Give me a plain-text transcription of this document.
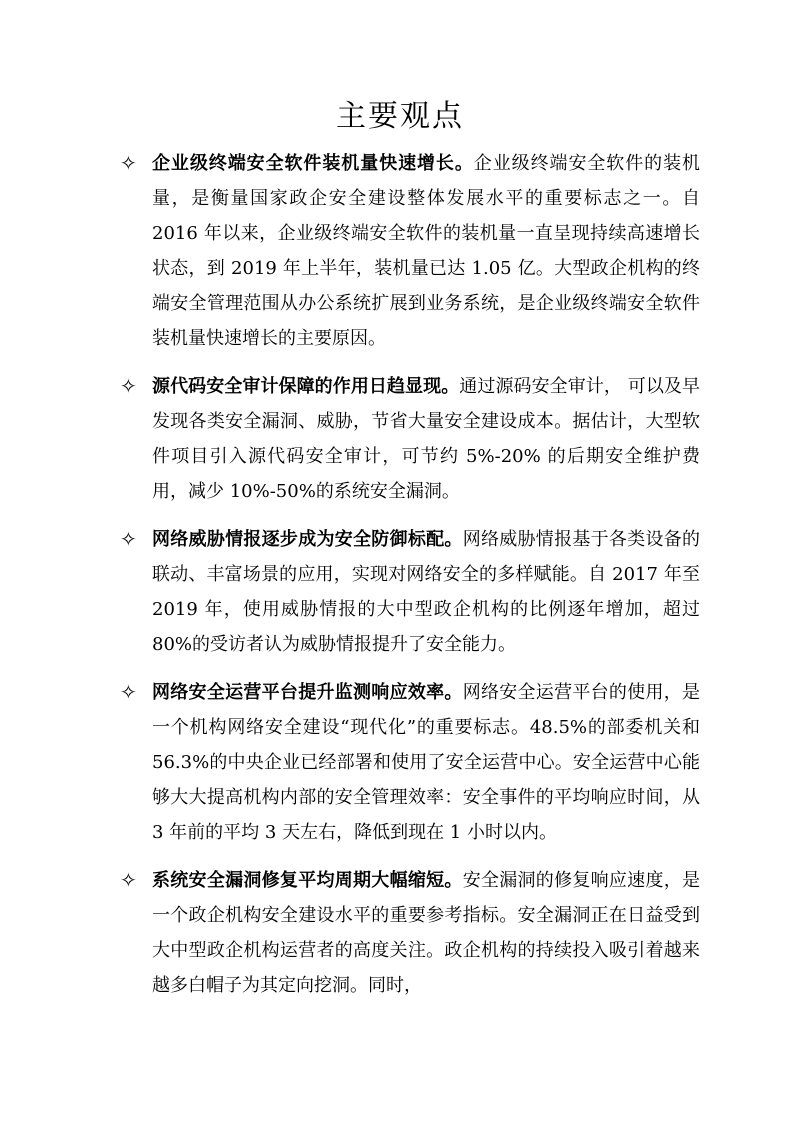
主要观点
✧ 企业级终端安全软件装机量快速增长。企业级终端安全软件的装机量，是衡量国家政企安全建设整体发展水平的重要标志之一。自 2016 年以来，企业级终端安全软件的装机量一直呈现持续高速增长状态，到 2019 年上半年，装机量已达 1.05 亿。大型政企机构的终端安全管理范围从办公系统扩展到业务系统，是企业级终端安全软件装机量快速增长的主要原因。
✧ 源代码安全审计保障的作用日趋显现。通过源码安全审计， 可以及早发现各类安全漏洞、威胁，节省大量安全建设成本。据估计，大型软件项目引入源代码安全审计，可节约 5%-20% 的后期安全维护费用，减少 10%-50%的系统安全漏洞。
✧ 网络威胁情报逐步成为安全防御标配。网络威胁情报基于各类设备的联动、丰富场景的应用，实现对网络安全的多样赋能。自 2017 年至 2019 年，使用威胁情报的大中型政企机构的比例逐年增加，超过 80%的受访者认为威胁情报提升了安全能力。
✧ 网络安全运营平台提升监测响应效率。网络安全运营平台的使用，是一个机构网络安全建设“现代化”的重要标志。48.5%的部委机关和 56.3%的中央企业已经部署和使用了安全运营中心。安全运营中心能够大大提高机构内部的安全管理效率：安全事件的平均响应时间，从 3 年前的平均 3 天左右，降低到现在 1 小时以内。
✧ 系统安全漏洞修复平均周期大幅缩短。安全漏洞的修复响应速度，是一个政企机构安全建设水平的重要参考指标。安全漏洞正在日益受到大中型政企机构运营者的高度关注。政企机构的持续投入吸引着越来越多白帽子为其定向挖洞。同时，
